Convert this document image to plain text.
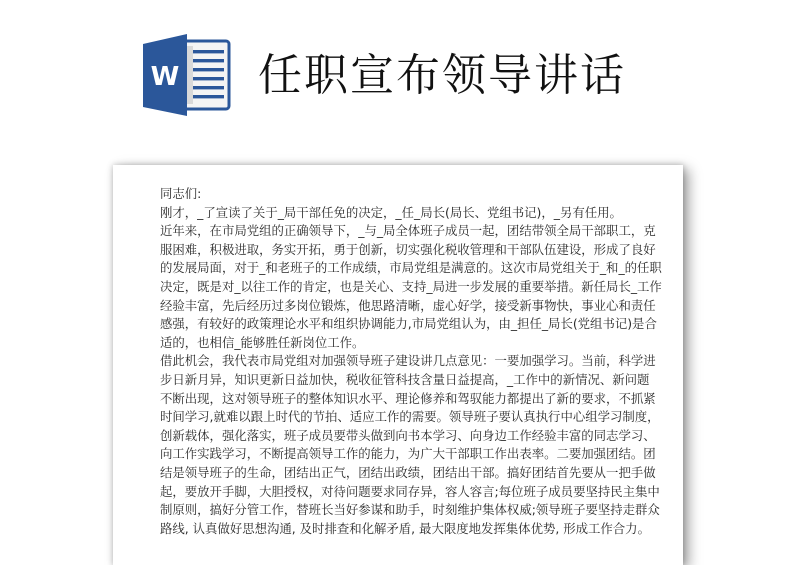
W 任职宣布领导讲话
同志们:
刚才，_了宣读了关于_局干部任免的决定，_任_局长(局长、党组书记)，_另有任用。
近年来，在市局党组的正确领导下，_与_局全体班子成员一起，团结带领全局干部职工，克
服困难，积极进取，务实开拓，勇于创新，切实强化税收管理和干部队伍建设，形成了良好
的发展局面，对于_和老班子的工作成绩，市局党组是满意的。这次市局党组关于_和_的任职
决定，既是对_以往工作的肯定，也是关心、支持_局进一步发展的重要举措。新任局长_工作
经验丰富，先后经历过多岗位锻炼，他思路清晰，虚心好学，接受新事物快，事业心和责任
感强，有较好的政策理论水平和组织协调能力,市局党组认为，由_担任_局长(党组书记)是合
适的，也相信_能够胜任新岗位工作。
借此机会，我代表市局党组对加强领导班子建设讲几点意见：一要加强学习。当前，科学进
步日新月异，知识更新日益加快，税收征管科技含量日益提高，_工作中的新情况、新问题
不断出现，这对领导班子的整体知识水平、理论修养和驾驭能力都提出了新的要求，不抓紧
时间学习,就难以跟上时代的节拍、适应工作的需要。领导班子要认真执行中心组学习制度，
创新载体，强化落实，班子成员要带头做到向书本学习、向身边工作经验丰富的同志学习、
向工作实践学习，不断提高领导工作的能力，为广大干部职工作出表率。二要加强团结。团
结是领导班子的生命，团结出正气，团结出政绩，团结出干部。搞好团结首先要从一把手做
起，要放开手脚，大胆授权，对待问题要求同存异，容人容言;每位班子成员要坚持民主集中
制原则，搞好分管工作，替班长当好参谋和助手，时刻维护集体权威;领导班子要坚持走群众
路线, 认真做好思想沟通, 及时排查和化解矛盾, 最大限度地发挥集体优势, 形成工作合力。
